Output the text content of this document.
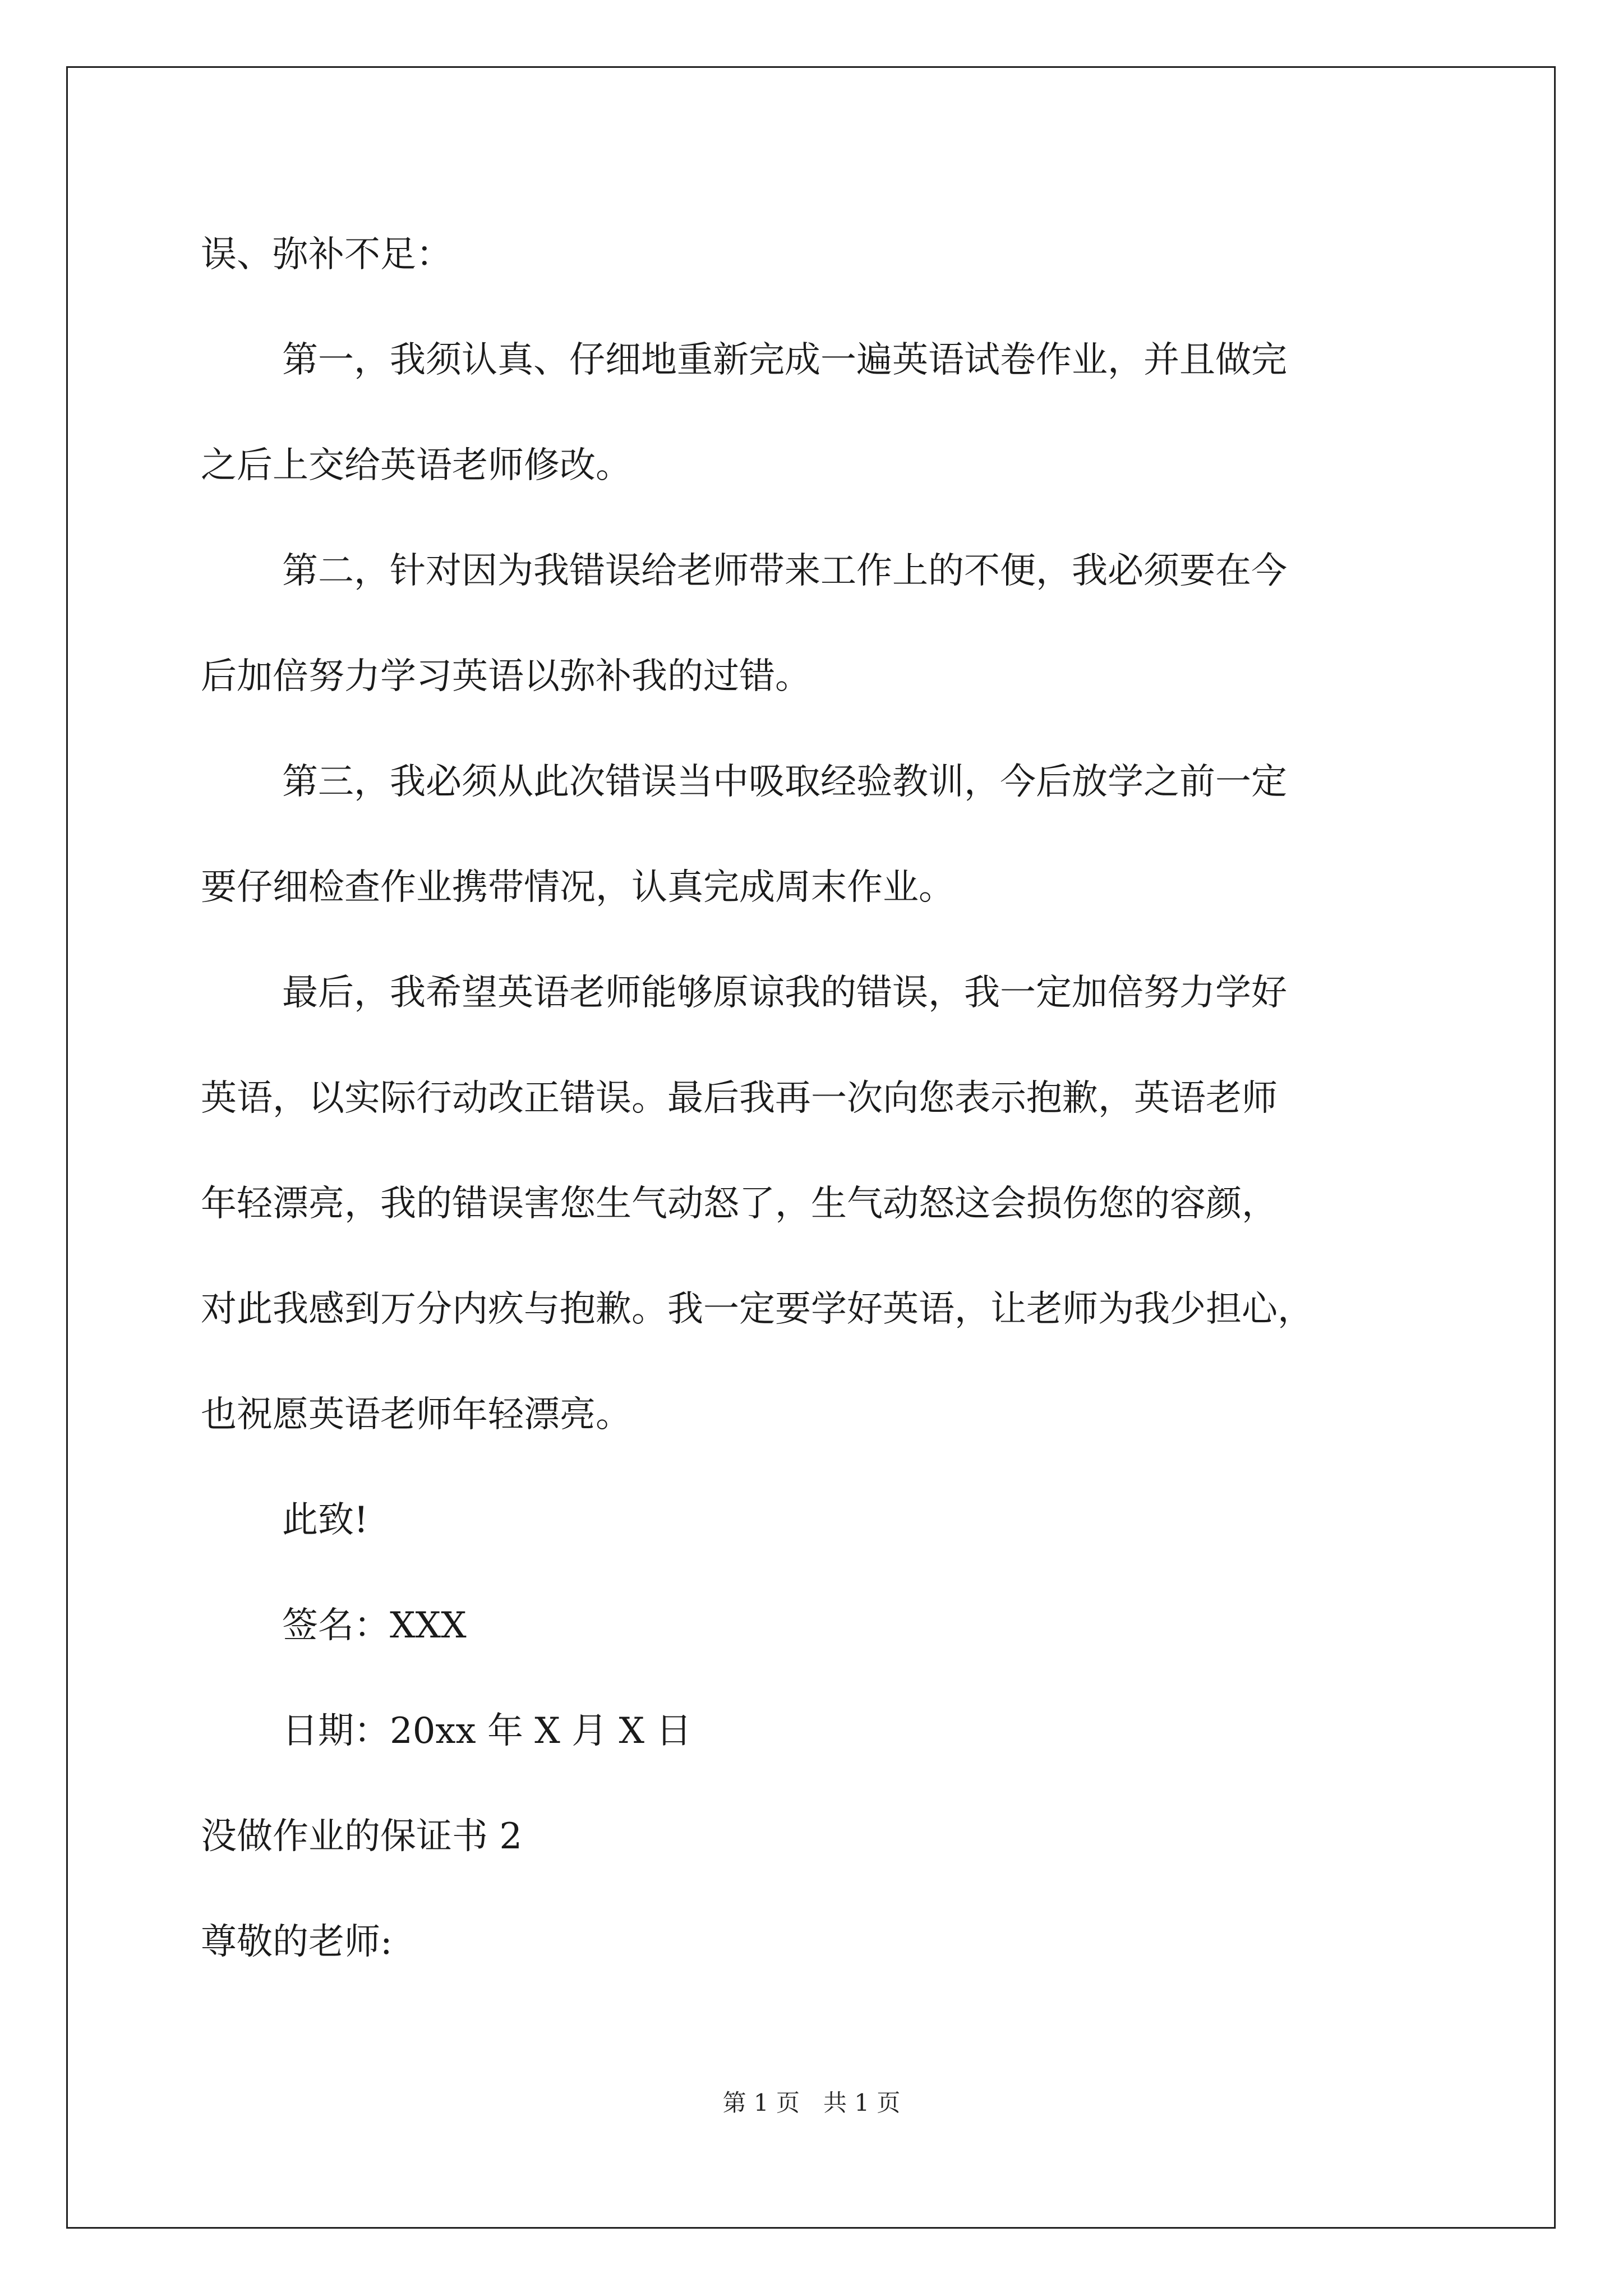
误、弥补不足：
第一，我须认真、仔细地重新完成一遍英语试卷作业，并且做完
之后上交给英语老师修改。
第二，针对因为我错误给老师带来工作上的不便，我必须要在今
后加倍努力学习英语以弥补我的过错。
第三，我必须从此次错误当中吸取经验教训，今后放学之前一定
要仔细检查作业携带情况，认真完成周末作业。
最后，我希望英语老师能够原谅我的错误，我一定加倍努力学好
英语，以实际行动改正错误。最后我再一次向您表示抱歉，英语老师
年轻漂亮，我的错误害您生气动怒了，生气动怒这会损伤您的容颜，
对此我感到万分内疚与抱歉。我一定要学好英语，让老师为我少担心，
也祝愿英语老师年轻漂亮。
此致!
签名：XXX
日期：20xx 年 X 月 X 日
没做作业的保证书 2
尊敬的老师:
第 1 页　共 1 页
